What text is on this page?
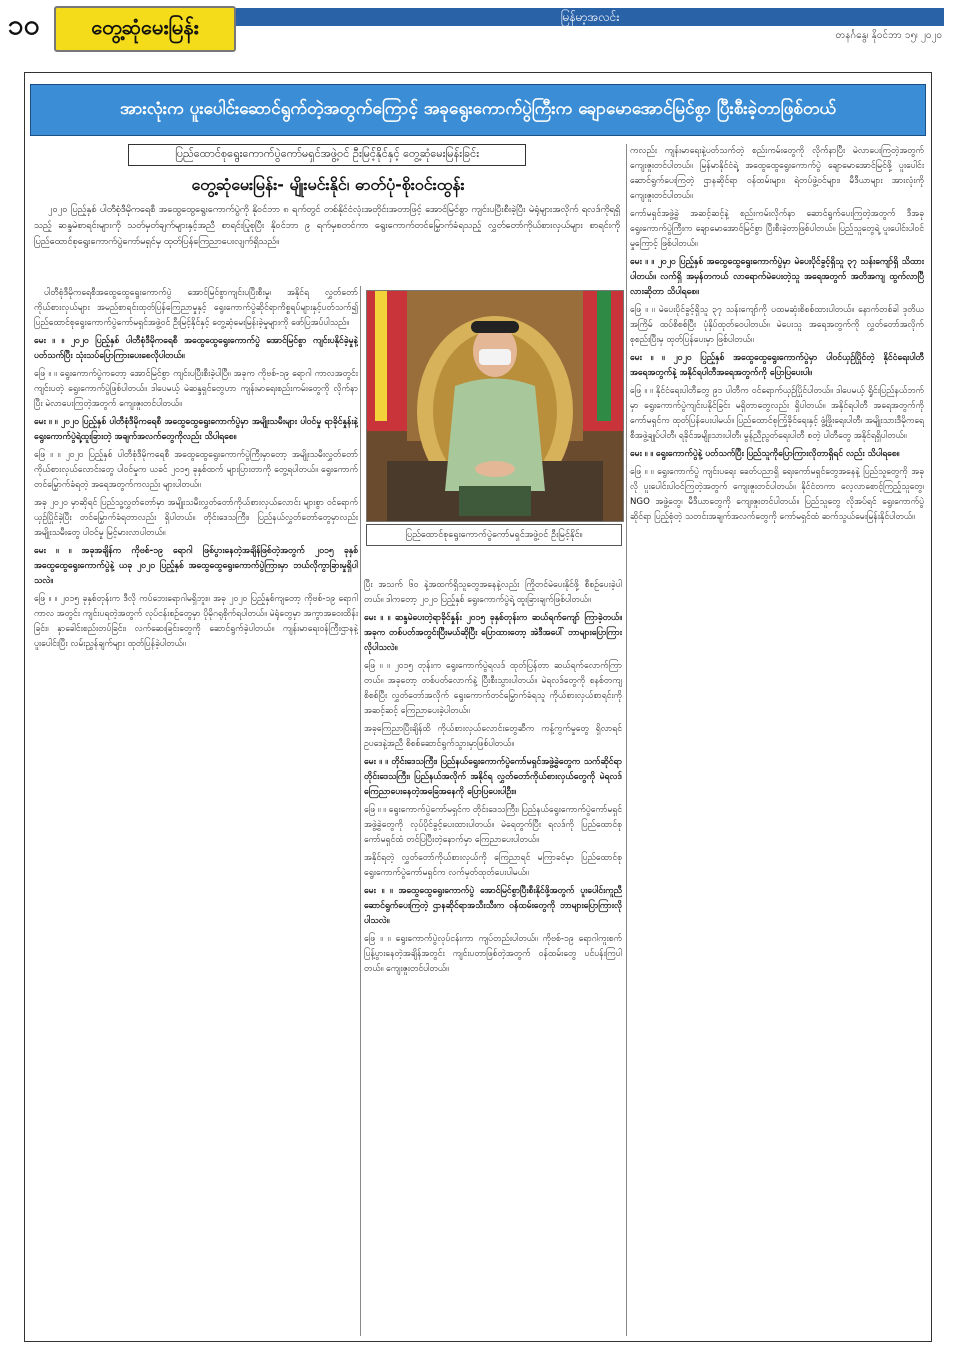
၁၀	တွေ့ဆုံမေးမြန်း	မြန်မာ့အလင်း
တနင်္ဂနွေ၊ နိုဝင်ဘာ ၁၅၊ ၂၀၂၀
အားလုံးက ပူးပေါင်းဆောင်ရွက်တဲ့အတွက်ကြောင့် အခုရွေးကောက်ပွဲကြီးက ချောမောအောင်မြင်စွာ ပြီးစီးခဲ့တာဖြစ်တယ်
ပြည်ထောင်စုရွေးကောက်ပွဲကော်မရှင်အဖွဲ့ဝင် ဦးမြင့်နိုင်နှင့် တွေ့ဆုံမေးမြန်းခြင်း
တွေ့ဆုံမေးမြန်း- မျိုးမင်းနိုင်၊ ဓာတ်ပုံ-စိုးဝင်းထွန်း

၂၀၂၀ ပြည့်နှစ် ပါတီစုံဒီမိုကရေစီ အထွေထွေရွေးကောက်ပွဲကို နိုဝင်ဘာ ၈ ရက်တွင် တစ်နိုင်ငံလုံးအတိုင်းအတာဖြင့် အောင်မြင်စွာ ကျင်းပပြီးစီးခဲ့ပြီး မဲရုံများအလိုက် ရလဒ်ကိုရရှိသည့် ဆန္ဒမဲစာရင်းများကို သတ်မှတ်ချက်များနှင့်အညီ စာရင်းပြုစုပြီး နိုဝင်ဘာ ၉ ရက်မှစတင်ကာ ရွေးကောက်တင်မြှောက်ခံရသည့် လွှတ်တော်ကိုယ်စားလှယ်များ စာရင်းကို ပြည်ထောင်စုရွေးကောက်ပွဲကော်မရှင်မှ ထုတ်ပြန်ကြေညာပေးလျက်ရှိသည်။

ပြည်ထောင်စုရွေးကောက်ပွဲကော်မရှင်အဖွဲ့ဝင် ဦးမြင့်နိုင်။

ပါတီစုံဒီမိုကရေစီအထွေထွေရွေးကောက်ပွဲ အောင်မြင်စွာကျင်းပပြီးစီးမှု၊ အနိုင်ရ လွှတ်တော်ကိုယ်စားလှယ်များ အမည်စာရင်းထုတ်ပြန်ကြေညာမှုနှင့် ရွေးကောက်ပွဲဆိုင်ရာကိစ္စရပ်များနှင့်ပတ်သက်၍ ပြည်ထောင်စုရွေးကောက်ပွဲကော်မရှင်အဖွဲ့ဝင် ဦးမြင့်နိုင်နှင့် တွေ့ဆုံမေးမြန်းခဲ့မှုများကို ဖော်ပြအပ်ပါသည်။

မေး ။ ။ ၂၀၂၀ ပြည့်နှစ် ပါတီစုံဒီမိုကရေစီ အထွေထွေရွေးကောက်ပွဲ အောင်မြင်စွာ ကျင်းပနိုင်ခဲ့မှုနဲ့ ပတ်သက်ပြီး သုံးသပ်ပြောကြားပေးစေလိုပါတယ်။

ဖြေ ။ ။ ရွေးကောက်ပွဲကတော့ အောင်မြင်စွာ ကျင်းပပြီးစီးခဲ့ပါပြီ။ အခုက ကိုဗစ်-၁၉ ရောဂါ ကာလအတွင်း ကျင်းပတဲ့ ရွေးကောက်ပွဲဖြစ်ပါတယ်။ ဒါပေမယ့် မဲဆန္ဒရှင်တွေဟာ ကျန်းမာရေးစည်းကမ်းတွေကို လိုက်နာပြီး မဲလာပေးကြတဲ့အတွက် ကျေးဇူးတင်ပါတယ်။

မေး ။ ။ ၂၀၂၀ ပြည့်နှစ် ပါတီစုံဒီမိုကရေစီ အထွေထွေရွေးကောက်ပွဲမှာ အမျိုးသမီးများ ပါဝင်မှု ရာခိုင်နှုန်းနဲ့ ရွေးကောက်ပွဲရဲ့ထူးခြားတဲ့ အချက်အလက်တွေကိုလည်း သိပါရစေ။

ဖြေ ။ ။ ၂၀၂၀ ပြည့်နှစ် ပါတီစုံဒီမိုကရေစီ အထွေထွေရွေးကောက်ပွဲကြီးမှာတော့ အမျိုးသမီးလွှတ်တော်ကိုယ်စားလှယ်လောင်းတွေ ပါဝင်မှုက ယခင် ၂၀၁၅ ခုနှစ်ထက် များပြားတာကို တွေ့ရပါတယ်။ ရွေးကောက်တင်မြှောက်ခံရတဲ့ အရေအတွက်ကလည်း များပါတယ်။

အခု ၂၀၂၀ မှာဆိုရင် ပြည်သူ့လွှတ်တော်မှာ အမျိုးသမီးလွှတ်တော်ကိုယ်စားလှယ်လောင်း များစွာ ဝင်ရောက်ယှဉ်ပြိုင်ခဲ့ပြီး တင်မြှောက်ခံရတာလည်း ရှိပါတယ်။ တိုင်းဒေသကြီး၊ ပြည်နယ်လွှတ်တော်တွေမှာလည်း အမျိုးသမီးတွေ ပါဝင်မှု မြင့်မားလာပါတယ်။

မေး ။ ။ အခုအချိန်က ကိုဗစ်-၁၉ ရောဂါ ဖြစ်ပွားနေတဲ့အချိန်ဖြစ်တဲ့အတွက် ၂၀၁၅ ခုနှစ် အထွေထွေရွေးကောက်ပွဲနဲ့ ယခု ၂၀၂၀ ပြည့်နှစ် အထွေထွေရွေးကောက်ပွဲကြားမှာ ဘယ်လိုကွာခြားမှုရှိပါသလဲ။

ဖြေ ။ ။ ၂၀၁၅ ခုနှစ်တုန်းက ဒီလို ကပ်ဘေးရောဂါမရှိဘူး။ အခု ၂၀၂၀ ပြည့်နှစ်ကျတော့ ကိုဗစ်-၁၉ ရောဂါကာလ အတွင်း ကျင်းပရတဲ့အတွက် လုပ်ငန်းစဉ်တွေမှာ ပိုမိုဂရုစိုက်ရပါတယ်။ မဲရုံတွေမှာ အကွာအဝေးထိန်းခြင်း၊ နှာခေါင်းစည်းတပ်ခြင်း၊ လက်ဆေးခြင်းတွေကို ဆောင်ရွက်ခဲ့ပါတယ်။ ကျန်းမာရေးဝန်ကြီးဌာနနဲ့ ပူးပေါင်းပြီး လမ်းညွှန်ချက်များ ထုတ်ပြန်ခဲ့ပါတယ်။

ပြီး အသက် ၆၀ နဲ့အထက်ရှိသူတွေအနေနဲ့လည်း ကြိုတင်မဲပေးနိုင်ဖို့ စီစဉ်ပေးခဲ့ပါတယ်။ ဒါကတော့ ၂၀၂၀ ပြည့်နှစ် ရွေးကောက်ပွဲရဲ့ ထူးခြားချက်ဖြစ်ပါတယ်။

မေး ။ ။ ဆန္ဒမဲပေးတဲ့ရာခိုင်နှုန်း ၂၀၁၅ ခုနှစ်တုန်းက ဆယ်ရက်ကျော် ကြာခဲ့တယ်။ အခုက တစ်ပတ်အတွင်းပြီးမယ်ဆိုပြီး ပြောထားတော့ အဲဒီအပေါ် ဘာများပြောကြားလိုပါသလဲ။

ဖြေ ။ ။ ၂၀၁၅ တုန်းက ရွေးကောက်ပွဲရလဒ် ထုတ်ပြန်တာ ဆယ်ရက်လောက်ကြာတယ်။ အခုတော့ တစ်ပတ်လောက်နဲ့ ပြီးစီးသွားပါတယ်။ မဲရလဒ်တွေကို စနစ်တကျ စိစစ်ပြီး လွှတ်တော်အလိုက် ရွေးကောက်တင်မြှောက်ခံရသူ ကိုယ်စားလှယ်စာရင်းကို အဆင့်ဆင့် ကြေညာပေးခဲ့ပါတယ်။

အခုကြေညာပြီးချိန်ထိ ကိုယ်စားလှယ်လောင်းတွေဆီက ကန့်ကွက်မှုတွေ ရှိလာရင် ဥပဒေနဲ့အညီ စိစစ်ဆောင်ရွက်သွားမှာဖြစ်ပါတယ်။

မေး ။ ။ တိုင်းဒေသကြီး၊ ပြည်နယ်ရွေးကောက်ပွဲကော်မရှင်အဖွဲ့ခွဲတွေက သက်ဆိုင်ရာ တိုင်းဒေသကြီး၊ ပြည်နယ်အလိုက် အနိုင်ရ လွှတ်တော်ကိုယ်စားလှယ်တွေကို မဲရလဒ် ကြေညာပေးနေတဲ့အခြေအနေကို ပြောပြပေးပါဦး။

ဖြေ ။ ။ ရွေးကောက်ပွဲကော်မရှင်က တိုင်းဒေသကြီး၊ ပြည်နယ်ရွေးကောက်ပွဲကော်မရှင်အဖွဲ့ခွဲတွေကို လုပ်ပိုင်ခွင့်ပေးထားပါတယ်။ မဲရေတွက်ပြီး ရလဒ်ကို ပြည်ထောင်စုကော်မရှင်ထံ တင်ပြပြီးတဲ့နောက်မှာ ကြေညာပေးပါတယ်။

အနိုင်ရတဲ့ လွှတ်တော်ကိုယ်စားလှယ်ကို ကြေညာရင် မကြာခင်မှာ ပြည်ထောင်စုရွေးကောက်ပွဲကော်မရှင်က လက်မှတ်ထုတ်ပေးပါမယ်။

မေး ။ ။ အထွေထွေရွေးကောက်ပွဲ အောင်မြင်စွာပြီးစီးနိုင်ဖို့အတွက် ပူးပေါင်းကူညီဆောင်ရွက်ပေးကြတဲ့ ဌာနဆိုင်ရာအသီးသီးက ဝန်ထမ်းတွေကို ဘာများပြောကြားလိုပါသလဲ။

ဖြေ ။ ။ ရွေးကောက်ပွဲလုပ်ငန်းကာ ကျပ်တည်းပါတယ်။ ကိုဗစ်-၁၉ ရောဂါကူးစက်ပြန့်ပွားနေတဲ့အချိန်အတွင်း ကျင်းပတာဖြစ်တဲ့အတွက် ဝန်ထမ်းတွေ ပင်ပန်းကြပါတယ်။ ကျေးဇူးတင်ပါတယ်။

ကလည်း ကျန်းမာရေးနဲ့ပတ်သက်တဲ့ စည်းကမ်းတွေကို လိုက်နာပြီး မဲလာပေးကြတဲ့အတွက် ကျေးဇူးတင်ပါတယ်။ မြန်မာနိုင်ငံရဲ့ အထွေထွေရွေးကောက်ပွဲ ချောမောအောင်မြင်ဖို့ ပူးပေါင်းဆောင်ရွက်ပေးကြတဲ့ ဌာနဆိုင်ရာ ဝန်ထမ်းများ၊ ရဲတပ်ဖွဲ့ဝင်များ၊ မီဒီယာများ အားလုံးကို ကျေးဇူးတင်ပါတယ်။

ကော်မရှင်အဖွဲ့ခွဲ အဆင့်ဆင့်နဲ့ စည်းကမ်းလိုက်နာ ဆောင်ရွက်ပေးကြတဲ့အတွက် ဒီအခု ရွေးကောက်ပွဲကြီးက ချောမောအောင်မြင်စွာ ပြီးစီးခဲ့တာဖြစ်ပါတယ်။ ပြည်သူတွေရဲ့ ပူးပေါင်းပါဝင်မှုကြောင့် ဖြစ်ပါတယ်။

မေး ။ ။ ၂၀၂၀ ပြည့်နှစ် အထွေထွေရွေးကောက်ပွဲမှာ မဲပေးပိုင်ခွင့်ရှိသူ ၃၇ သန်းကျော်ရှိ သိထားပါတယ်။ လက်ရှိ အမှန်တကယ် လာရောက်မဲပေးတဲ့သူ အရေအတွက် အတိအကျ ထွက်လာပြီလားဆိုတာ သိပါရစေ။

ဖြေ ။ ။ မဲပေးပိုင်ခွင့်ရှိသူ ၃၇ သန်းကျော်ကို ပထမဆုံးစိစစ်ထားပါတယ်။ နောက်တစ်ခါ ဒုတိယအကြိမ် ထပ်စိစစ်ပြီး ပုံနှိပ်ထုတ်ဝေပါတယ်။ မဲပေးသူ အရေအတွက်ကို လွှတ်တော်အလိုက် စုစည်းပြီးမှ ထုတ်ပြန်ပေးမှာ ဖြစ်ပါတယ်။

မေး ။ ။ ၂၀၂၀ ပြည့်နှစ် အထွေထွေရွေးကောက်ပွဲမှာ ပါဝင်ယှဉ်ပြိုင်တဲ့ နိုင်ငံရေးပါတီ အရေအတွက်နဲ့ အနိုင်ရပါတီအရေအတွက်ကို ပြောပြပေးပါ။

ဖြေ ။ ။ နိုင်ငံရေးပါတီတွေ ၉၁ ပါတီက ဝင်ရောက်ယှဉ်ပြိုင်ပါတယ်။ ဒါပေမယ့် ရှိုင်းပြည်နယ်ဘက်မှာ ရွေးကောက်ပွဲကျင်းပနိုင်ခြင်း မရှိတာတွေလည်း ရှိပါတယ်။ အနိုင်ရပါတီ အရေအတွက်ကို ကော်မရှင်က ထုတ်ပြန်ပေးပါမယ်။ ပြည်ထောင်စုကြံ့ခိုင်ရေးနှင့် ဖွံ့ဖြိုးရေးပါတီ၊ အမျိုးသားဒီမိုကရေစီအဖွဲ့ချုပ်ပါတီ၊ ရခိုင်အမျိုးသားပါတီ၊ မွန်ညီညွတ်ရေးပါတီ စတဲ့ ပါတီတွေ အနိုင်ရရှိပါတယ်။

မေး ။ ။ ရွေးကောက်ပွဲနဲ့ ပတ်သက်ပြီး ပြည်သူကိုပြောကြားလိုတာရှိရင် လည်း သိပါရစေ။

ဖြေ ။ ။ ရွေးကောက်ပွဲ ကျင်းပရေး ခေတ်ပညာရှိ ရေးကော်မရှင်တွေအနေနဲ့ ပြည်သူတွေကို အခုလို ပူးပေါင်းပါဝင်ကြတဲ့အတွက် ကျေးဇူးတင်ပါတယ်။ နိုင်ငံတကာ လေ့လာစောင့်ကြည့်သူတွေ၊ NGO အဖွဲ့တွေ၊ မီဒီယာတွေကို ကျေးဇူးတင်ပါတယ်။ ပြည်သူတွေ လိုအပ်ရင် ရွေးကောက်ပွဲဆိုင်ရာ ပြည့်စုံတဲ့ သတင်းအချက်အလက်တွေကို ကော်မရှင်ထံ ဆက်သွယ်မေးမြန်းနိုင်ပါတယ်။
